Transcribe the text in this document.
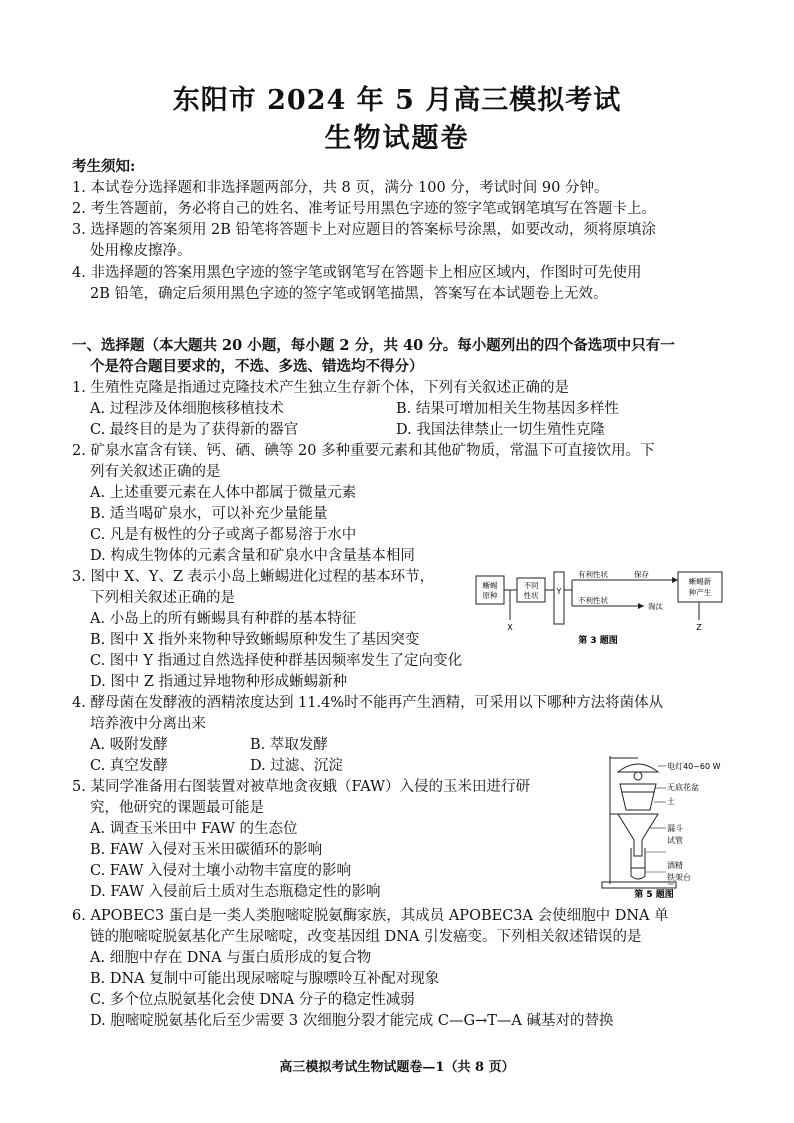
东阳市 2024 年 5 月高三模拟考试
生物试题卷
考生须知:
1. 本试卷分选择题和非选择题两部分，共 8 页，满分 100 分，考试时间 90 分钟。
2. 考生答题前，务必将自己的姓名、准考证号用黑色字迹的签字笔或钢笔填写在答题卡上。
3. 选择题的答案须用 2B 铅笔将答题卡上对应题目的答案标号涂黑，如要改动，须将原填涂
处用橡皮擦净。
4. 非选择题的答案用黑色字迹的签字笔或钢笔写在答题卡上相应区域内，作图时可先使用
2B 铅笔，确定后须用黑色字迹的签字笔或钢笔描黑，答案写在本试题卷上无效。
一、选择题（本大题共 20 小题，每小题 2 分，共 40 分。每小题列出的四个备选项中只有一
个是符合题目要求的，不选、多选、错选均不得分）
1. 生殖性克隆是指通过克隆技术产生独立生存新个体，下列有关叙述正确的是
A. 过程涉及体细胞核移植技术	B. 结果可增加相关生物基因多样性
C. 最终目的是为了获得新的器官	D. 我国法律禁止一切生殖性克隆
2. 矿泉水富含有镁、钙、硒、碘等 20 多种重要元素和其他矿物质，常温下可直接饮用。下
列有关叙述正确的是
A. 上述重要元素在人体中都属于微量元素
B. 适当喝矿泉水，可以补充少量能量
C. 凡是有极性的分子或离子都易溶于水中
D. 构成生物体的元素含量和矿泉水中含量基本相同
3. 图中 X、Y、Z 表示小岛上蜥蜴进化过程的基本环节，
下列相关叙述正确的是
A. 小岛上的所有蜥蜴具有种群的基本特征
B. 图中 X 指外来物种导致蜥蜴原种发生了基因突变
C. 图中 Y 指通过自然选择使种群基因频率发生了定向变化
D. 图中 Z 指通过异地物种形成蜥蜴新种
蜥蜴
原种
不同
性状 Y
X	Z
有利性状	保存
不利性状
淘汰
蜥蜴新
种产生
第 3 题图
4. 酵母菌在发酵液的酒精浓度达到 11.4%时不能再产生酒精，可采用以下哪种方法将菌体从
培养液中分离出来
A. 吸附发酵	B. 萃取发酵
C. 真空发酵	D. 过滤、沉淀
5. 某同学准备用右图装置对被草地贪夜蛾（FAW）入侵的玉米田进行研
究，他研究的课题最可能是
A. 调查玉米田中 FAW 的生态位
B. FAW 入侵对玉米田碳循环的影响
C. FAW 入侵对土壤小动物丰富度的影响
D. FAW 入侵前后土质对生态瓶稳定性的影响
电灯40~60 W
无底花盆
土
漏斗
试管
酒精
铁架台
第 5 题图
6. APOBEC3 蛋白是一类人类胞嘧啶脱氨酶家族，其成员 APOBEC3A 会使细胞中 DNA 单
链的胞嘧啶脱氨基化产生尿嘧啶，改变基因组 DNA 引发癌变。下列相关叙述错误的是
A. 细胞中存在 DNA 与蛋白质形成的复合物
B. DNA 复制中可能出现尿嘧啶与腺嘌呤互补配对现象
C. 多个位点脱氨基化会使 DNA 分子的稳定性减弱
D. 胞嘧啶脱氨基化后至少需要 3 次细胞分裂才能完成 C—G→T—A 碱基对的替换
高三模拟考试生物试题卷—1（共 8 页）
